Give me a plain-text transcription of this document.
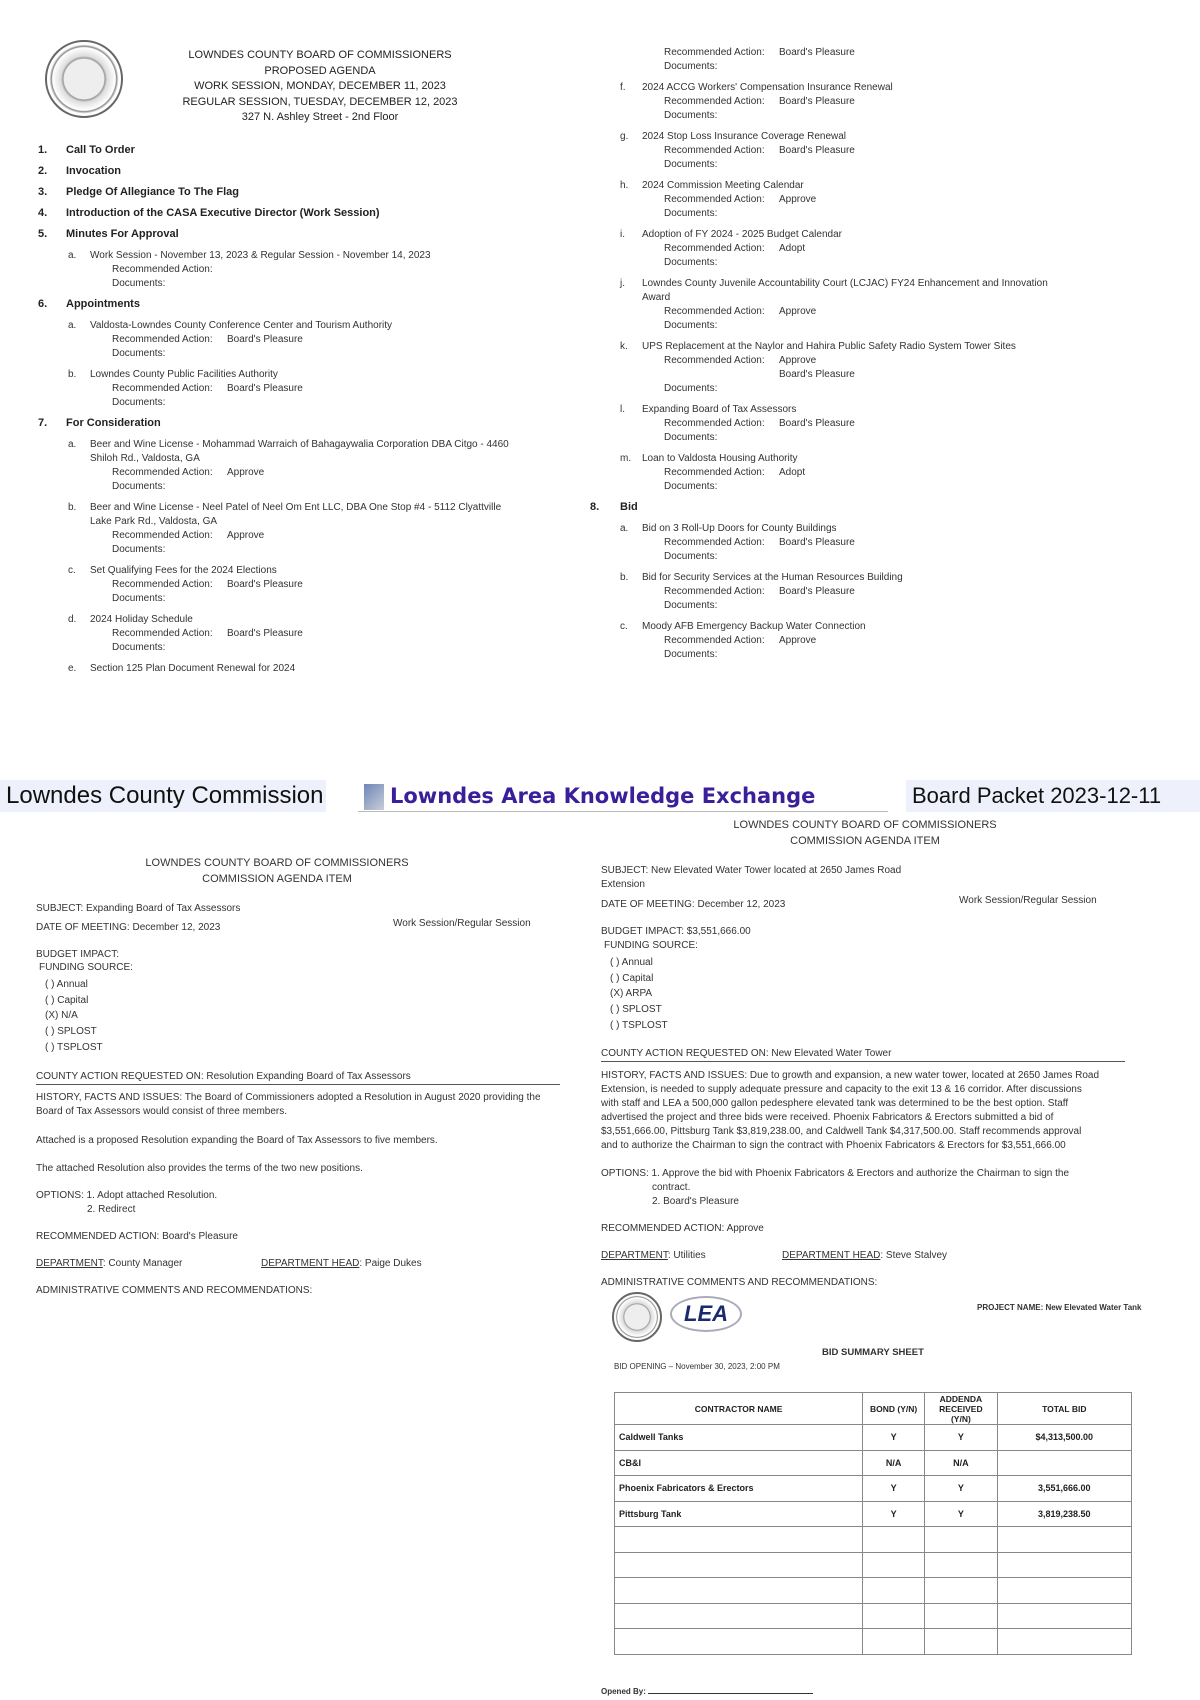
LOWNDES COUNTY BOARD OF COMMISSIONERS
PROPOSED AGENDA
WORK SESSION, MONDAY, DECEMBER 11, 2023
REGULAR SESSION, TUESDAY, DECEMBER 12, 2023
327 N. Ashley Street - 2nd Floor
1. Call To Order
2. Invocation
3. Pledge Of Allegiance To The Flag
4. Introduction of the CASA Executive Director (Work Session)
5. Minutes For Approval
a.	Work Session - November 13, 2023 & Regular Session - November 14, 2023
Recommended Action:
Documents:
6. Appointments
a.	Valdosta-Lowndes County Conference Center and Tourism Authority
Recommended Action: Board's Pleasure
Documents:
b.	Lowndes County Public Facilities Authority
Recommended Action: Board's Pleasure
Documents:
7. For Consideration
a.	Beer and Wine License - Mohammad Warraich of Bahagaywalia Corporation DBA Citgo - 4460
Shiloh Rd., Valdosta, GA
Recommended Action: Approve
Documents:
b.	Beer and Wine License - Neel Patel of Neel Om Ent LLC, DBA One Stop #4 - 5112 Clyattville
Lake Park Rd., Valdosta, GA
Recommended Action: Approve
Documents:
c.	Set Qualifying Fees for the 2024 Elections
Recommended Action: Board's Pleasure
Documents:
d.	2024 Holiday Schedule
Recommended Action: Board's Pleasure
Documents:
e.	Section 125 Plan Document Renewal for 2024
Recommended Action: Board's Pleasure
Documents:
f.	2024 ACCG Workers' Compensation Insurance Renewal
Recommended Action: Board's Pleasure
Documents:
g.	2024 Stop Loss Insurance Coverage Renewal
Recommended Action: Board's Pleasure
Documents:
h.	2024 Commission Meeting Calendar
Recommended Action: Approve
Documents:
i.	Adoption of FY 2024 - 2025 Budget Calendar
Recommended Action: Adopt
Documents:
j.	Lowndes County Juvenile Accountability Court (LCJAC) FY24 Enhancement and Innovation
Award
Recommended Action: Approve
Documents:
k.	UPS Replacement at the Naylor and Hahira Public Safety Radio System Tower Sites
Recommended Action: Approve
Board's Pleasure
Documents:
l.	Expanding Board of Tax Assessors
Recommended Action: Board's Pleasure
Documents:
m.	Loan to Valdosta Housing Authority
Recommended Action: Adopt
Documents:
8. Bid
a.	Bid on 3 Roll-Up Doors for County Buildings
Recommended Action: Board's Pleasure
Documents:
b.	Bid for Security Services at the Human Resources Building
Recommended Action: Board's Pleasure
Documents:
c.	Moody AFB Emergency Backup Water Connection
Recommended Action: Approve
Documents:
Lowndes County Commission	Lowndes Area Knowledge Exchange	Board Packet 2023-12-11
LOWNDES COUNTY BOARD OF COMMISSIONERS
COMMISSION AGENDA ITEM
SUBJECT: Expanding Board of Tax Assessors
DATE OF MEETING: December 12, 2023	Work Session/Regular Session
BUDGET IMPACT:
FUNDING SOURCE:
( ) Annual
( ) Capital
(X) N/A
( ) SPLOST
( ) TSPLOST
COUNTY ACTION REQUESTED ON: Resolution Expanding Board of Tax Assessors
HISTORY, FACTS AND ISSUES: The Board of Commissioners adopted a Resolution in August 2020 providing the
Board of Tax Assessors would consist of three members.
Attached is a proposed Resolution expanding the Board of Tax Assessors to five members.
The attached Resolution also provides the terms of the two new positions.
OPTIONS: 1. Adopt attached Resolution.
2. Redirect
RECOMMENDED ACTION: Board's Pleasure
DEPARTMENT: County Manager	DEPARTMENT HEAD: Paige Dukes
ADMINISTRATIVE COMMENTS AND RECOMMENDATIONS:
LOWNDES COUNTY BOARD OF COMMISSIONERS
COMMISSION AGENDA ITEM
SUBJECT: New Elevated Water Tower located at 2650 James Road
Extension
DATE OF MEETING: December 12, 2023	Work Session/Regular Session
BUDGET IMPACT: $3,551,666.00
FUNDING SOURCE:
( ) Annual
( ) Capital
(X) ARPA
( ) SPLOST
( ) TSPLOST
COUNTY ACTION REQUESTED ON: New Elevated Water Tower
HISTORY, FACTS AND ISSUES: Due to growth and expansion, a new water tower, located at 2650 James Road
Extension, is needed to supply adequate pressure and capacity to the exit 13 & 16 corridor. After discussions
with staff and LEA a 500,000 gallon pedesphere elevated tank was determined to be the best option. Staff
advertised the project and three bids were received. Phoenix Fabricators & Erectors submitted a bid of
$3,551,666.00, Pittsburg Tank $3,819,238.00, and Caldwell Tank $4,317,500.00. Staff recommends approval
and to authorize the Chairman to sign the contract with Phoenix Fabricators & Erectors for $3,551,666.00
OPTIONS: 1. Approve the bid with Phoenix Fabricators & Erectors and authorize the Chairman to sign the
contract.
2. Board's Pleasure
RECOMMENDED ACTION: Approve
DEPARTMENT: Utilities	DEPARTMENT HEAD: Steve Stalvey
ADMINISTRATIVE COMMENTS AND RECOMMENDATIONS:
LEA	PROJECT NAME: New Elevated Water Tank
BID SUMMARY SHEET
BID OPENING – November 30, 2023, 2:00 PM
CONTRACTOR NAME	BOND (Y/N)	ADDENDA RECEIVED (Y/N)	TOTAL BID
Caldwell Tanks	Y	Y	$4,313,500.00
CB&I	N/A	N/A	
Phoenix Fabricators & Erectors	Y	Y	3,551,666.00
Pittsburg Tank	Y	Y	3,819,238.50

Opened By:
